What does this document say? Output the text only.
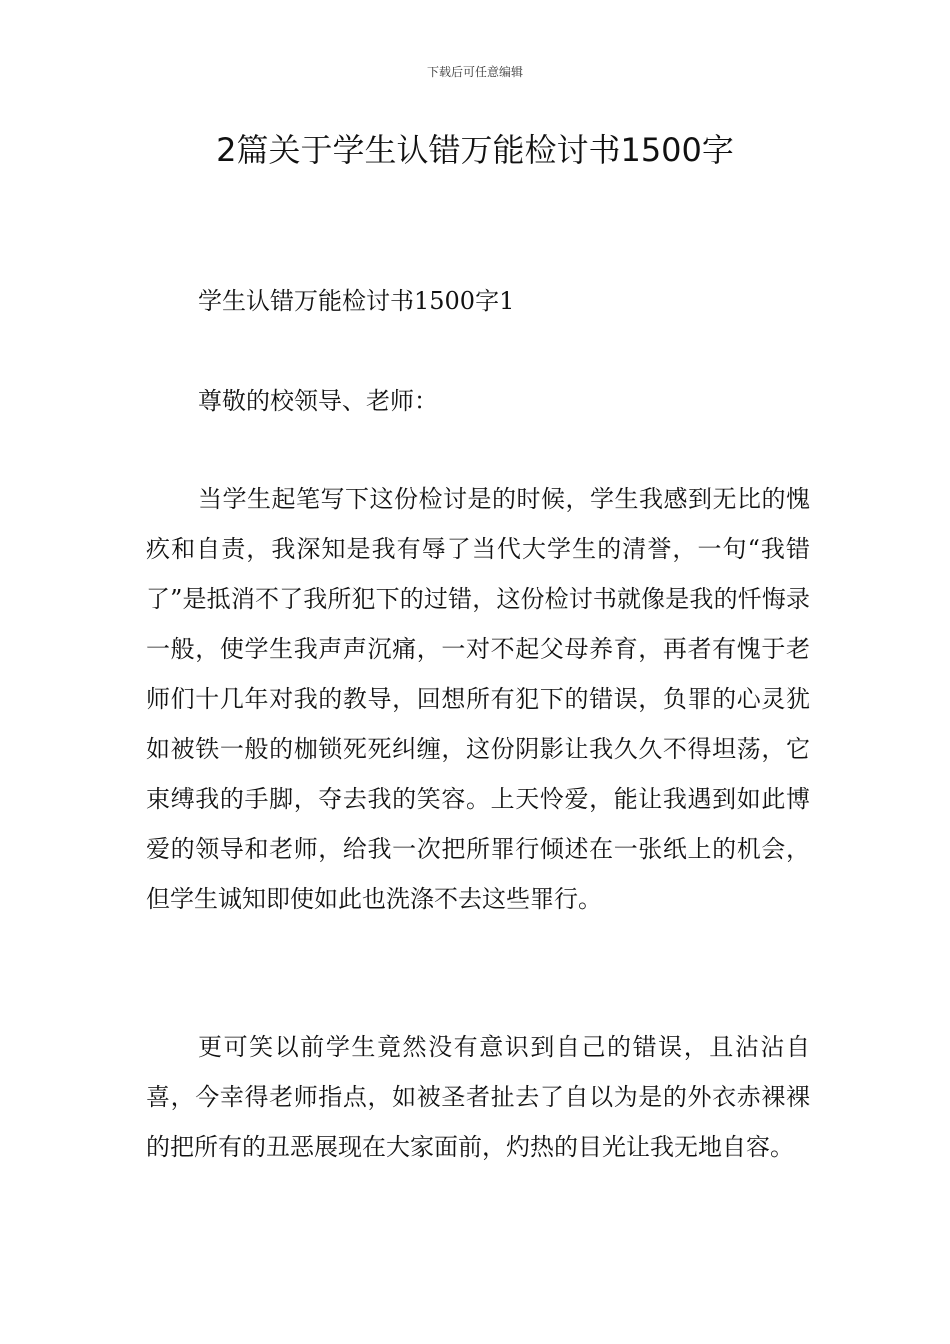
下载后可任意编辑
2篇关于学生认错万能检讨书1500字
学生认错万能检讨书1500字1
尊敬的校领导、老师：

当学生起笔写下这份检讨是的时候，学生我感到无比的愧疚和自责，我深知是我有辱了当代大学生的清誉，一句“我错了”是抵消不了我所犯下的过错，这份检讨书就像是我的忏悔录一般，使学生我声声沉痛，一对不起父母养育，再者有愧于老师们十几年对我的教导，回想所有犯下的错误，负罪的心灵犹如被铁一般的枷锁死死纠缠，这份阴影让我久久不得坦荡，它束缚我的手脚，夺去我的笑容。上天怜爱，能让我遇到如此博爱的领导和老师，给我一次把所罪行倾述在一张纸上的机会，但学生诚知即使如此也洗涤不去这些罪行。

更可笑以前学生竟然没有意识到自己的错误，且沾沾自喜，今幸得老师指点，如被圣者扯去了自以为是的外衣赤裸裸的把所有的丑恶展现在大家面前，灼热的目光让我无地自容。
